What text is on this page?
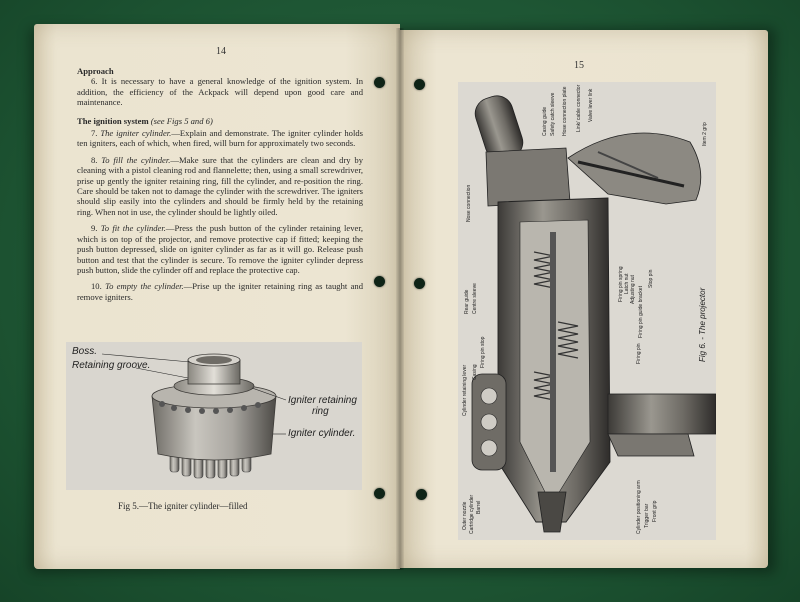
14
Approach

6. It is necessary to have a general knowledge of the ignition system. In addition, the efficiency of the Ackpack will depend upon good care and maintenance.

The ignition system (see Figs 5 and 6)

7. The igniter cylinder.—Explain and demonstrate. The igniter cylinder holds ten igniters, each of which, when fired, will burn for approximately two seconds.

8. To fill the cylinder.—Make sure that the cylinders are clean and dry by cleaning with a pistol cleaning rod and flannelette; then, using a small screwdriver, prise up gently the igniter retaining ring, fill the cylinder, and re-position the ring. Care should be taken not to damage the cylinder with the screwdriver. The igniters should slip easily into the cylinders and should be firmly held by the retaining ring. When not in use, the cylinder should be lightly oiled.

9. To fit the cylinder.—Press the push button of the cylinder retaining lever, which is on top of the projector, and remove protective cap if fitted; keeping the push button depressed, slide on igniter cylinder as far as it will go. Release push button and test that the cylinder is secure. To remove the igniter cylinder depress push button, slide the cylinder off and replace the protective cap.

10. To empty the cylinder.—Prise up the igniter retaining ring as taught and remove igniters.

Boss.
Retaining groove.
Igniter retaining
ring
Igniter cylinder.
Fig 5.—The igniter cylinder—filled
15
Nose connection
Casing guide Safety catch sleeve Hose connection plate Link/ cable connector Valve lever link
Item 2 grip
Rear guide Centre sleeve
Casing
Firing pin stop
Firing pin spring Latch nut Adjusting nut Firing pin guide bracket
Stop pin
Firing pin
Cylinder retaining lever
Outer nozzle Cartridge cylinder Barrel	Cylinder positioning arm Trigger bar Front grip
Fig 6. - The projector
